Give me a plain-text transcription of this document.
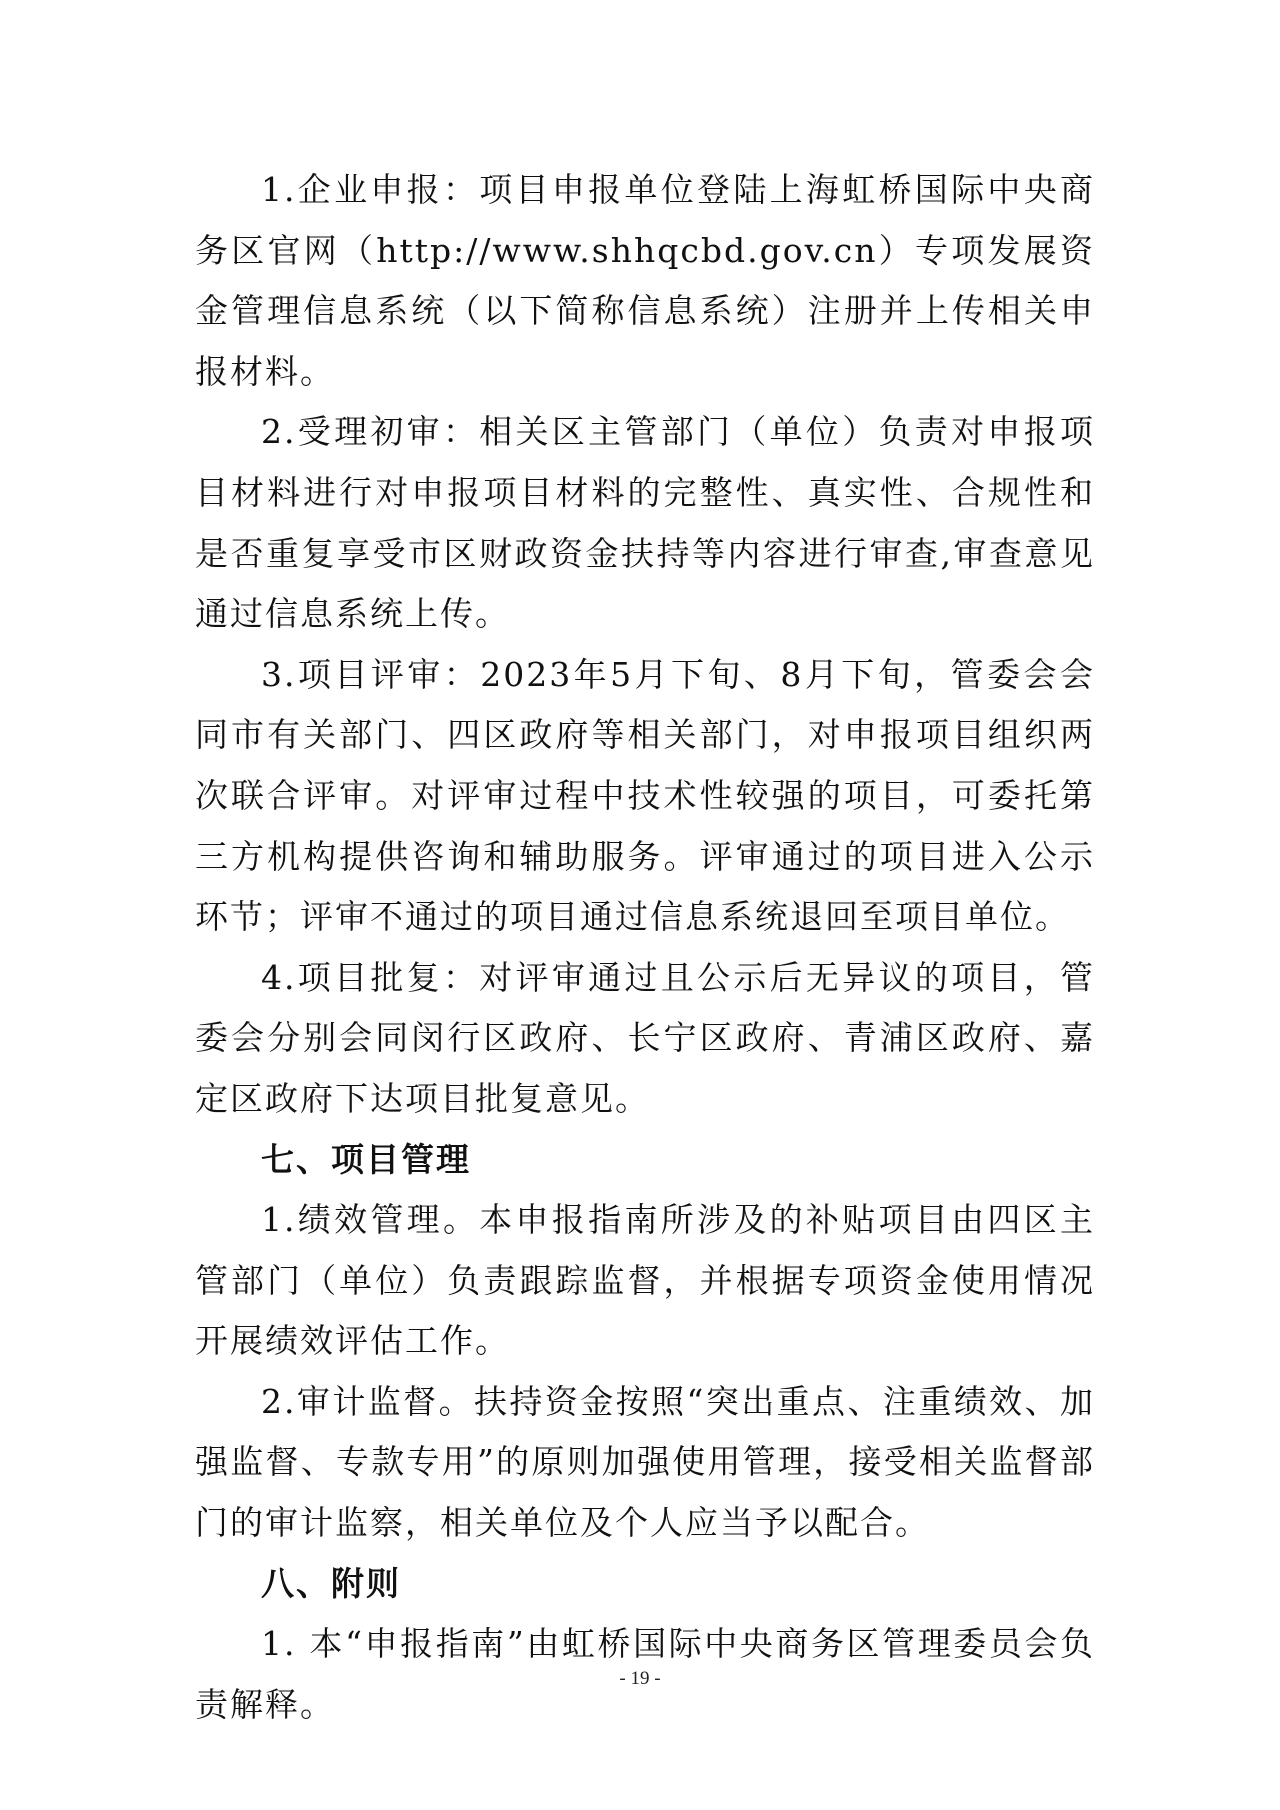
1.企业申报：项目申报单位登陆上海虹桥国际中央商务区官网（http://www.shhqcbd.gov.cn）专项发展资金管理信息系统（以下简称信息系统）注册并上传相关申报材料。

2.受理初审：相关区主管部门（单位）负责对申报项目材料进行对申报项目材料的完整性、真实性、合规性和是否重复享受市区财政资金扶持等内容进行审查,审查意见通过信息系统上传。

3.项目评审：2023年5月下旬、8月下旬，管委会会同市有关部门、四区政府等相关部门，对申报项目组织两次联合评审。对评审过程中技术性较强的项目，可委托第三方机构提供咨询和辅助服务。评审通过的项目进入公示环节；评审不通过的项目通过信息系统退回至项目单位。

4.项目批复：对评审通过且公示后无异议的项目，管委会分别会同闵行区政府、长宁区政府、青浦区政府、嘉定区政府下达项目批复意见。

七、项目管理

1.绩效管理。本申报指南所涉及的补贴项目由四区主管部门（单位）负责跟踪监督，并根据专项资金使用情况开展绩效评估工作。

2.审计监督。扶持资金按照“突出重点、注重绩效、加强监督、专款专用”的原则加强使用管理，接受相关监督部门的审计监察，相关单位及个人应当予以配合。

八、附则

1. 本“申报指南”由虹桥国际中央商务区管理委员会负责解释。

- 19 -
